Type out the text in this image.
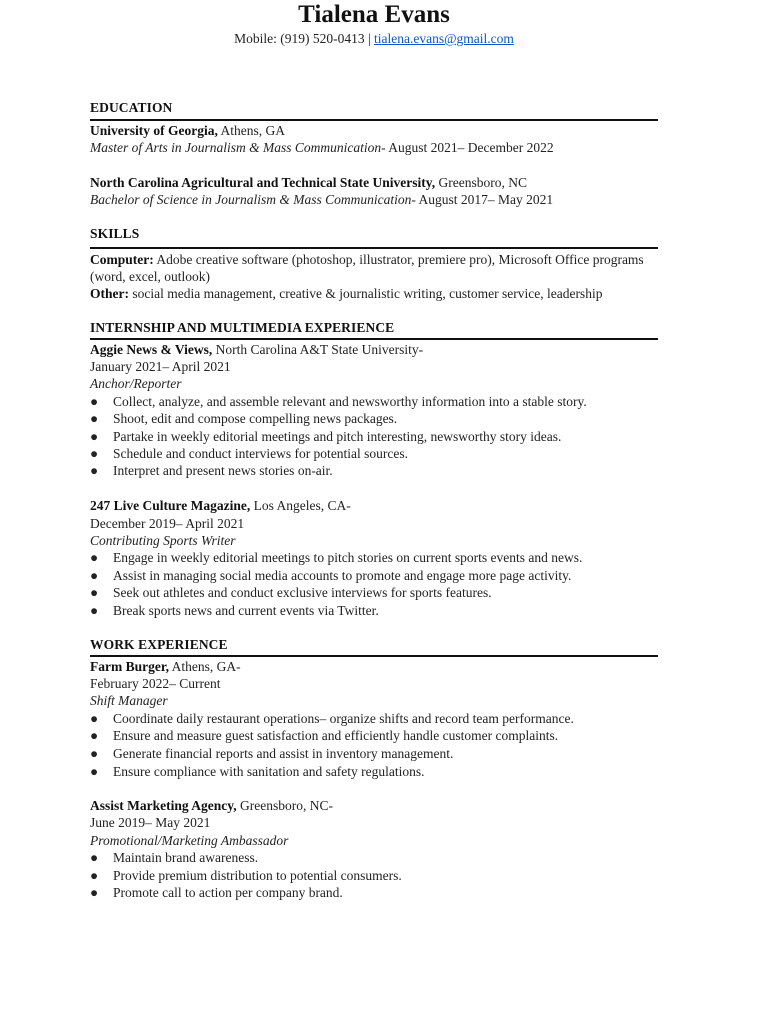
Tialena Evans
Mobile: (919) 520-0413 | tialena.evans@gmail.com
EDUCATION
University of Georgia, Athens, GA
Master of Arts in Journalism & Mass Communication- August 2021– December 2022
North Carolina Agricultural and Technical State University, Greensboro, NC
Bachelor of Science in Journalism & Mass Communication- August 2017– May 2021
SKILLS
Computer: Adobe creative software (photoshop, illustrator, premiere pro), Microsoft Office programs (word, excel, outlook)
Other: social media management, creative & journalistic writing, customer service, leadership
INTERNSHIP AND MULTIMEDIA EXPERIENCE
Aggie News & Views, North Carolina A&T State University-
January 2021– April 2021
Anchor/Reporter
● Collect, analyze, and assemble relevant and newsworthy information into a stable story.
● Shoot, edit and compose compelling news packages.
● Partake in weekly editorial meetings and pitch interesting, newsworthy story ideas.
● Schedule and conduct interviews for potential sources.
● Interpret and present news stories on-air.
247 Live Culture Magazine, Los Angeles, CA-
December 2019– April 2021
Contributing Sports Writer
● Engage in weekly editorial meetings to pitch stories on current sports events and news.
● Assist in managing social media accounts to promote and engage more page activity.
● Seek out athletes and conduct exclusive interviews for sports features.
● Break sports news and current events via Twitter.
WORK EXPERIENCE
Farm Burger, Athens, GA-
February 2022– Current
Shift Manager
● Coordinate daily restaurant operations– organize shifts and record team performance.
● Ensure and measure guest satisfaction and efficiently handle customer complaints.
● Generate financial reports and assist in inventory management.
● Ensure compliance with sanitation and safety regulations.
Assist Marketing Agency, Greensboro, NC-
June 2019– May 2021
Promotional/Marketing Ambassador
● Maintain brand awareness.
● Provide premium distribution to potential consumers.
● Promote call to action per company brand.
